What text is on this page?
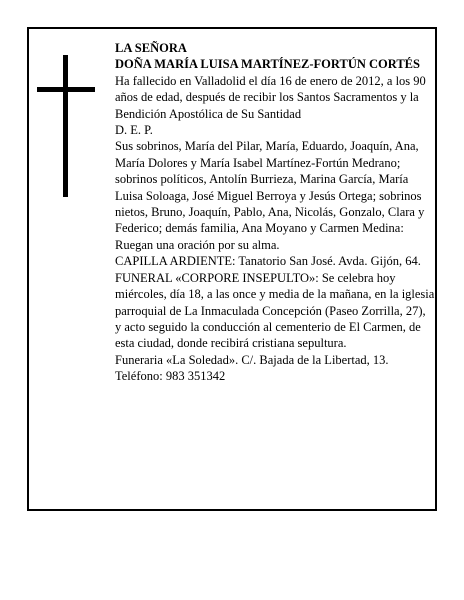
LA SEÑORA

DOÑA MARÍA LUISA MARTÍNEZ-FORTÚN CORTÉS

Ha fallecido en Valladolid el día 16 de enero de 2012, a los 90 años de edad, después de recibir los Santos Sacramentos y la Bendición Apostólica de Su Santidad

D. E. P.

Sus sobrinos, María del Pilar, María, Eduardo, Joaquín, Ana, María Dolores y María Isabel Martínez-Fortún Medrano; sobrinos políticos, Antolín Burrieza, Marina García, María Luisa Soloaga, José Miguel Berroya y Jesús Ortega; sobrinos nietos, Bruno, Joaquín, Pablo, Ana, Nicolás, Gonzalo, Clara y Federico; demás familia, Ana Moyano y Carmen Medina:

Ruegan una oración por su alma.

CAPILLA ARDIENTE: Tanatorio San José. Avda. Gijón, 64.

FUNERAL «CORPORE INSEPULTO»: Se celebra hoy miércoles, día 18, a las once y media de la mañana, en la iglesia parroquial de La Inmaculada Concepción (Paseo Zorrilla, 27), y acto seguido la conducción al cementerio de El Carmen, de esta ciudad, donde recibirá cristiana sepultura.

Funeraria «La Soledad». C/. Bajada de la Libertad, 13.

Teléfono: 983 351342
